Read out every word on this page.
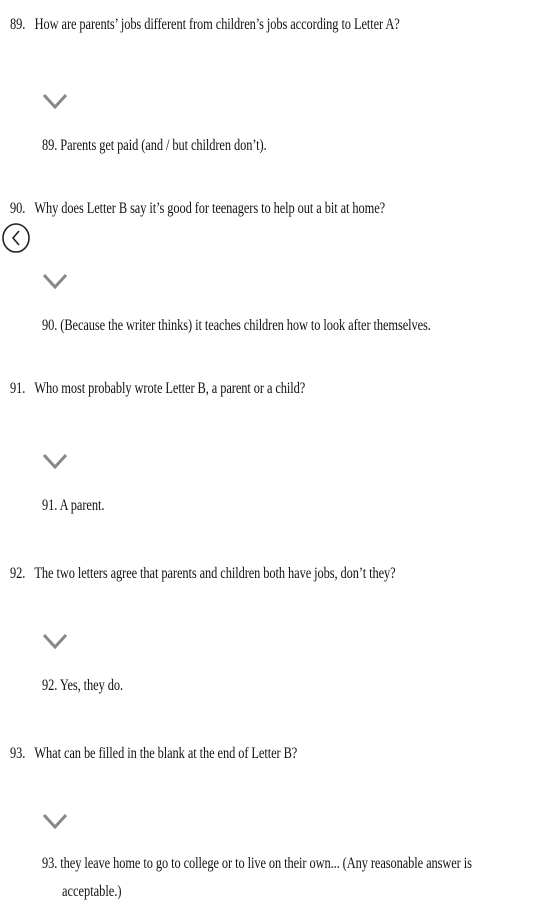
89. How are parents’ jobs different from children’s jobs according to Letter A?
89. Parents get paid (and / but children don’t).
90. Why does Letter B say it’s good for teenagers to help out a bit at home?
90. (Because the writer thinks) it teaches children how to look after themselves.
91. Who most probably wrote Letter B, a parent or a child?
91. A parent.
92. The two letters agree that parents and children both have jobs, don’t they?
92. Yes, they do.
93. What can be filled in the blank at the end of Letter B?
93. they leave home to go to college or to live on their own... (Any reasonable answer is
acceptable.)
